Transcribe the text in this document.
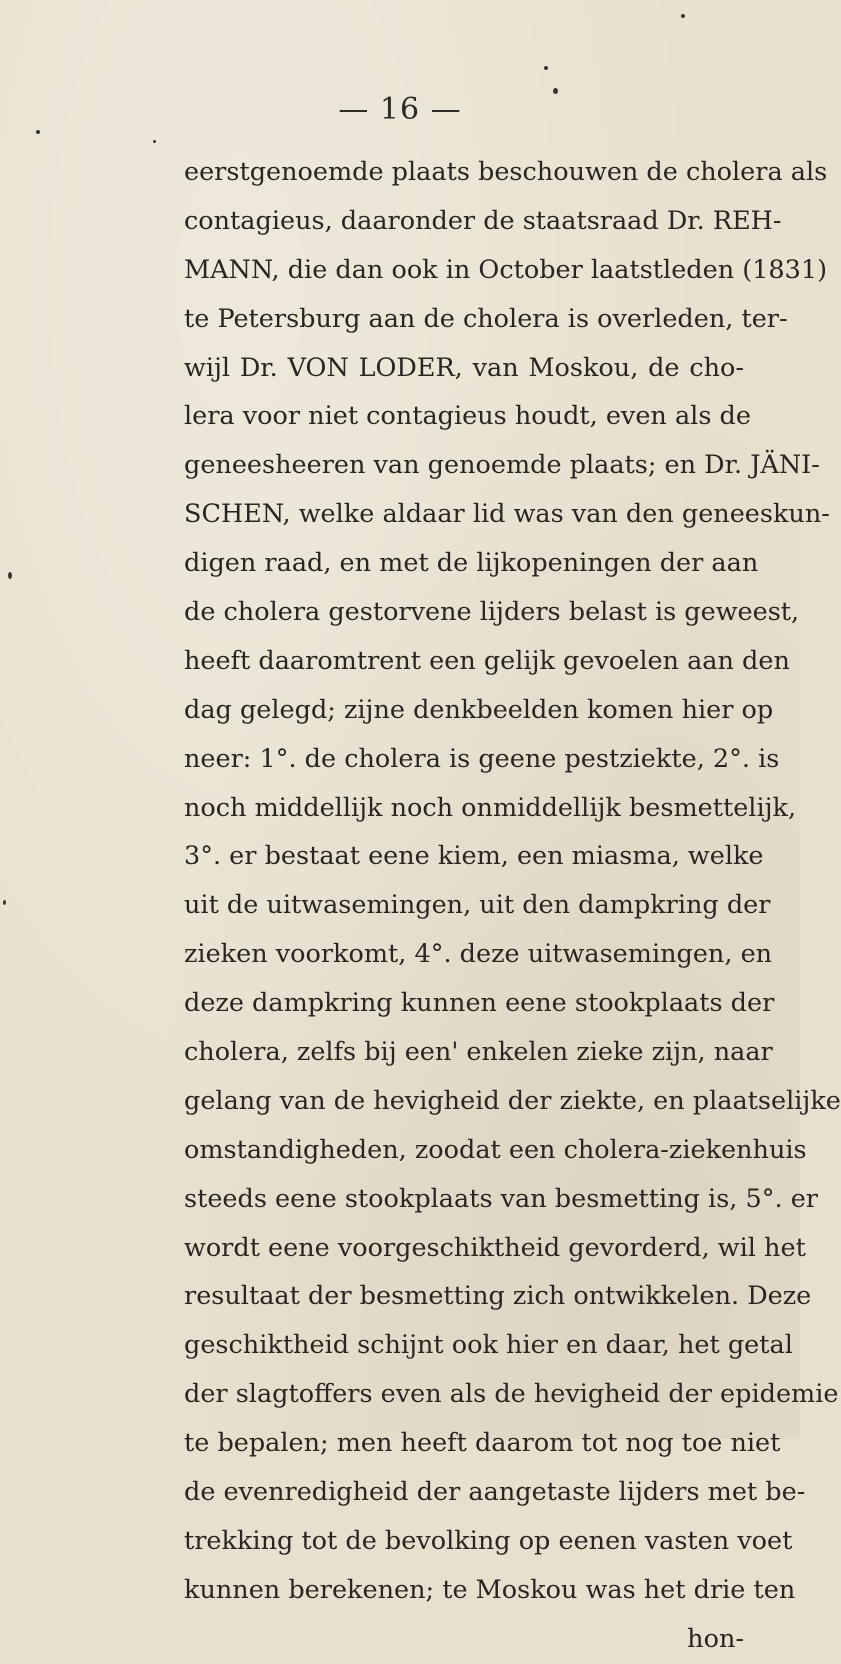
— 16 —
eerstgenoemde plaats beschouwen de cholera als
contagieus, daaronder de staatsraad Dr. REH-
MANN, die dan ook in October laatstleden (1831)
te Petersburg aan de cholera is overleden, ter-
wijl Dr. VON LODER, van Moskou, de cho-
lera voor niet contagieus houdt, even als de
geneesheeren van genoemde plaats; en Dr. JÄNI-
SCHEN, welke aldaar lid was van den geneeskun-
digen raad, en met de lijkopeningen der aan
de cholera gestorvene lijders belast is geweest,
heeft daaromtrent een gelijk gevoelen aan den
dag gelegd; zijne denkbeelden komen hier op
neer: 1°. de cholera is geene pestziekte, 2°. is
noch middellijk noch onmiddellijk besmettelijk,
3°. er bestaat eene kiem, een miasma, welke
uit de uitwasemingen, uit den dampkring der
zieken voorkomt, 4°. deze uitwasemingen, en
deze dampkring kunnen eene stookplaats der
cholera, zelfs bij een' enkelen zieke zijn, naar
gelang van de hevigheid der ziekte, en plaatselijke
omstandigheden, zoodat een cholera-ziekenhuis
steeds eene stookplaats van besmetting is, 5°. er
wordt eene voorgeschiktheid gevorderd, wil het
resultaat der besmetting zich ontwikkelen. Deze
geschiktheid schijnt ook hier en daar, het getal
der slagtoffers even als de hevigheid der epidemie
te bepalen; men heeft daarom tot nog toe niet
de evenredigheid der aangetaste lijders met be-
trekking tot de bevolking op eenen vasten voet
kunnen berekenen; te Moskou was het drie ten
hon-
